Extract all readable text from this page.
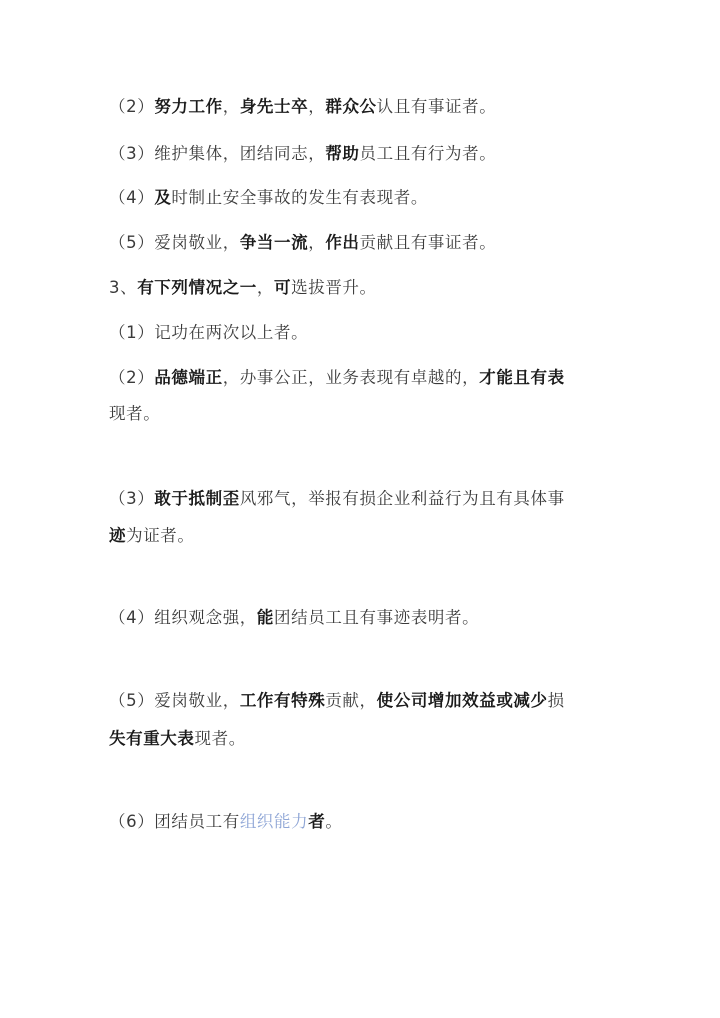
（2）努力工作，身先士卒，群众公认且有事证者。
（3）维护集体，团结同志，帮助员工且有行为者。
（4）及时制止安全事故的发生有表现者。
（5）爱岗敬业，争当一流，作出贡献且有事证者。
3、有下列情况之一，可选拔晋升。
（1）记功在两次以上者。
（2）品德端正，办事公正，业务表现有卓越的，才能且有表
现者。
（3）敢于抵制歪风邪气，举报有损企业利益行为且有具体事
迹为证者。
（4）组织观念强，能团结员工且有事迹表明者。
（5）爱岗敬业，工作有特殊贡献，使公司增加效益或减少损
失有重大表现者。
（6）团结员工有组织能力者。
